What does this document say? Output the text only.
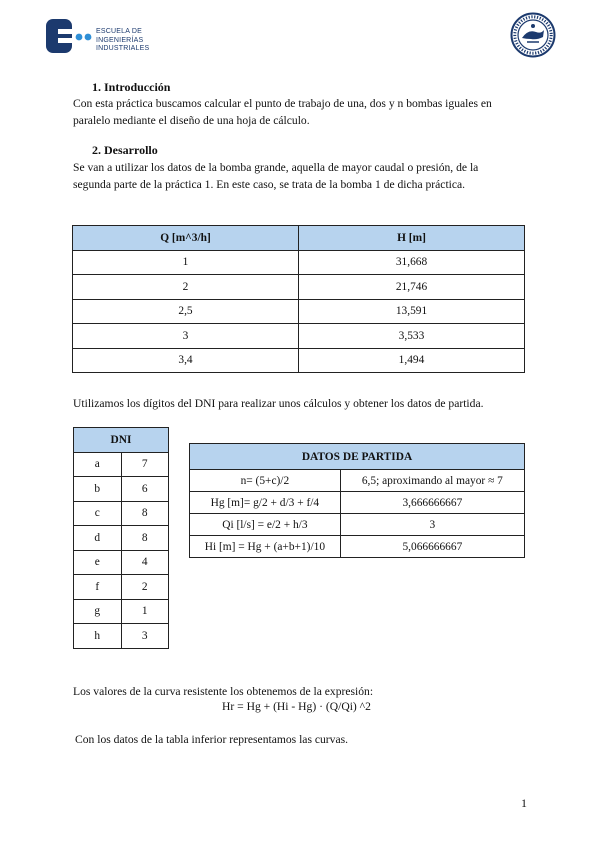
ESCUELA DE
INGENIERÍAS
INDUSTRIALES
1. Introducción
Con esta práctica buscamos calcular el punto de trabajo de una, dos y n bombas iguales en
paralelo mediante el diseño de una hoja de cálculo.
2. Desarrollo
Se van a utilizar los datos de la bomba grande, aquella de mayor caudal o presión, de la
segunda parte de la práctica 1. En este caso, se trata de la bomba 1 de dicha práctica.
Q [m^3/h]	H [m]
1	31,668
2	21,746
2,5	13,591
3	3,533
3,4	1,494
Utilizamos los dígitos del DNI para realizar unos cálculos y obtener los datos de partida.
DNI	
a	7
b	6
c	8
d	8
e	4
f	2
g	1
h	3
DATOS DE PARTIDA	
n= (5+c)/2	6,5; aproximando al mayor ≈ 7
Hg [m]= g/2 + d/3 + f/4	3,666666667
Qi [l/s] = e/2 + h/3	3
Hi [m] = Hg + (a+b+1)/10	5,066666667
Los valores de la curva resistente los obtenemos de la expresión:
Hr = Hg + (Hi - Hg) · (Q/Qi) ^2
Con los datos de la tabla inferior representamos las curvas.
1
